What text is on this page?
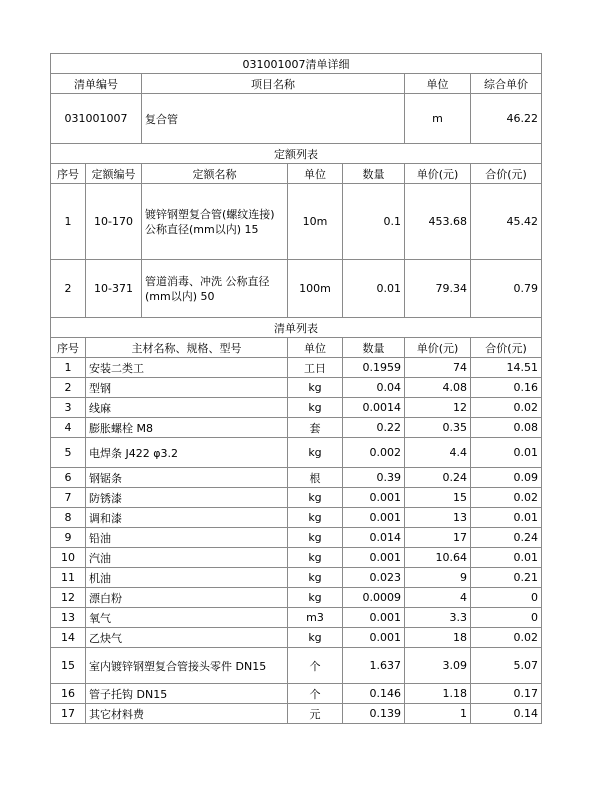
031001007清单详细						
清单编号		项目名称			单位	综合单价
031001007		复合管			m	46.22
定额列表						
序号	定额编号	定额名称	单位	数量	单价(元)	合价(元)
1	10-170	镀锌钢塑复合管(螺纹连接) 公称直径(mm以内) 15	10m	0.1	453.68	45.42
2	10-371	管道消毒、冲洗 公称直径(mm以内) 50	100m	0.01	79.34	0.79
清单列表					
序号	主材名称、规格、型号	单位	数量	单价(元)	合价(元)
1	安装二类工	工日	0.1959	74	14.51
2	型钢	kg	0.04	4.08	0.16
3	线麻	kg	0.0014	12	0.02
4	膨胀螺栓 M8	套	0.22	0.35	0.08
5	电焊条 J422 φ3.2	kg	0.002	4.4	0.01
6	钢锯条	根	0.39	0.24	0.09
7	防锈漆	kg	0.001	15	0.02
8	调和漆	kg	0.001	13	0.01
9	铅油	kg	0.014	17	0.24
10	汽油	kg	0.001	10.64	0.01
11	机油	kg	0.023	9	0.21
12	漂白粉	kg	0.0009	4	0
13	氧气	m3	0.001	3.3	0
14	乙炔气	kg	0.001	18	0.02
15	室内镀锌钢塑复合管接头零件 DN15	个	1.637	3.09	5.07
16	管子托钩 DN15	个	0.146	1.18	0.17
17	其它材料费	元	0.139	1	0.14
